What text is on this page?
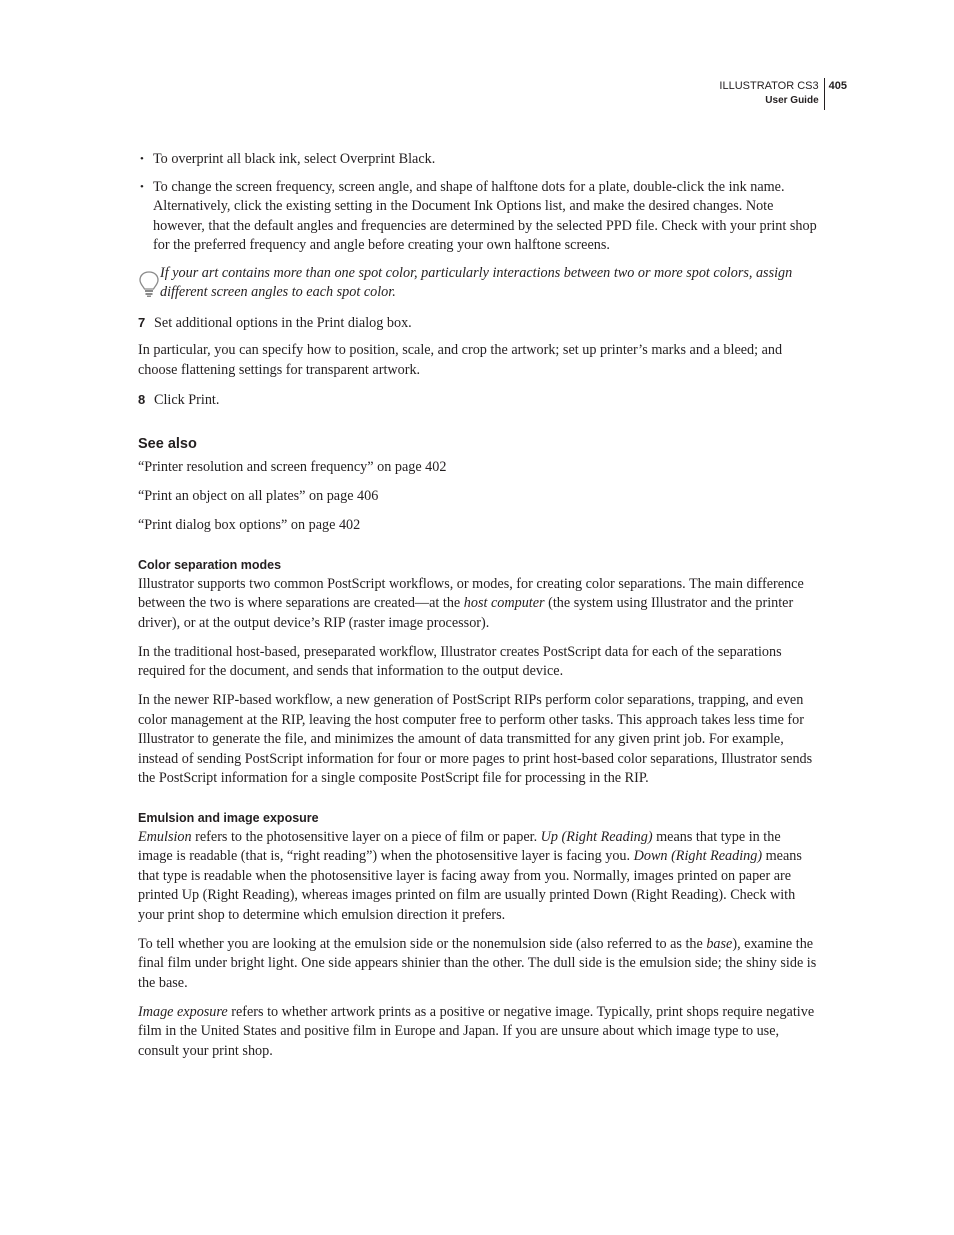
ILLUSTRATOR CS3
User Guide
405
• To overprint all black ink, select Overprint Black.
• To change the screen frequency, screen angle, and shape of halftone dots for a plate, double-click the ink name. Alternatively, click the existing setting in the Document Ink Options list, and make the desired changes. Note however, that the default angles and frequencies are determined by the selected PPD file. Check with your print shop for the preferred frequency and angle before creating your own halftone screens.
If your art contains more than one spot color, particularly interactions between two or more spot colors, assign different screen angles to each spot color.
7 Set additional options in the Print dialog box.

In particular, you can specify how to position, scale, and crop the artwork; set up printer’s marks and a bleed; and choose flattening settings for transparent artwork.

8 Click Print.
See also

“Printer resolution and screen frequency” on page 402

“Print an object on all plates” on page 406

“Print dialog box options” on page 402

Color separation modes

Illustrator supports two common PostScript workflows, or modes, for creating color separations. The main difference between the two is where separations are created—at the host computer (the system using Illustrator and the printer driver), or at the output device’s RIP (raster image processor).

In the traditional host-based, preseparated workflow, Illustrator creates PostScript data for each of the separations required for the document, and sends that information to the output device.

In the newer RIP-based workflow, a new generation of PostScript RIPs perform color separations, trapping, and even color management at the RIP, leaving the host computer free to perform other tasks. This approach takes less time for Illustrator to generate the file, and minimizes the amount of data transmitted for any given print job. For example, instead of sending PostScript information for four or more pages to print host-based color separations, Illustrator sends the PostScript information for a single composite PostScript file for processing in the RIP.

Emulsion and image exposure

Emulsion refers to the photosensitive layer on a piece of film or paper. Up (Right Reading) means that type in the image is readable (that is, “right reading”) when the photosensitive layer is facing you. Down (Right Reading) means that type is readable when the photosensitive layer is facing away from you. Normally, images printed on paper are printed Up (Right Reading), whereas images printed on film are usually printed Down (Right Reading). Check with your print shop to determine which emulsion direction it prefers.

To tell whether you are looking at the emulsion side or the nonemulsion side (also referred to as the base), examine the final film under bright light. One side appears shinier than the other. The dull side is the emulsion side; the shiny side is the base.

Image exposure refers to whether artwork prints as a positive or negative image. Typically, print shops require negative film in the United States and positive film in Europe and Japan. If you are unsure about which image type to use, consult your print shop.
